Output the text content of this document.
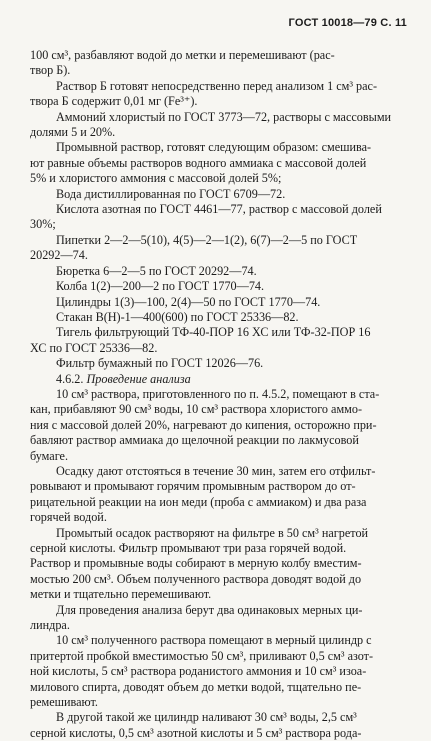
ГОСТ 10018—79 С. 11
100 см³, разбавляют водой до метки и перемешивают (рас-
твор Б).
Раствор Б готовят непосредственно перед анализом 1 см³ рас-
твора Б содержит 0,01 мг (Fe³⁺).
Аммоний хлористый по ГОСТ 3773—72, растворы с массовыми
долями 5 и 20%.
Промывной раствор, готовят следующим образом: смешива-
ют равные объемы растворов водного аммиака с массовой долей
5% и хлористого аммония с массовой долей 5%;
Вода дистиллированная по ГОСТ 6709—72.
Кислота азотная по ГОСТ 4461—77, раствор с массовой долей
30%;
Пипетки 2—2—5(10), 4(5)—2—1(2), 6(7)—2—5 по ГОСТ
20292—74.
Бюретка 6—2—5 по ГОСТ 20292—74.
Колба 1(2)—200—2 по ГОСТ 1770—74.
Цилиндры 1(3)—100, 2(4)—50 по ГОСТ 1770—74.
Стакан В(Н)-1—400(600) по ГОСТ 25336—82.
Тигель фильтрующий ТФ-40-ПОР 16 ХС или ТФ-32-ПОР 16
ХС по ГОСТ 25336—82.
Фильтр бумажный по ГОСТ 12026—76.
4.6.2. Проведение анализа
10 см³ раствора, приготовленного по п. 4.5.2, помещают в ста-
кан, прибавляют 90 см³ воды, 10 см³ раствора хлористого аммо-
ния с массовой долей 20%, нагревают до кипения, осторожно при-
бавляют раствор аммиака до щелочной реакции по лакмусовой
бумаге.
Осадку дают отстояться в течение 30 мин, затем его отфильт-
ровывают и промывают горячим промывным раствором до от-
рицательной реакции на ион меди (проба с аммиаком) и два раза
горячей водой.
Промытый осадок растворяют на фильтре в 50 см³ нагретой
серной кислоты. Фильтр промывают три раза горячей водой.
Раствор и промывные воды собирают в мерную колбу вместим-
мостью 200 см³. Объем полученного раствора доводят водой до
метки и тщательно перемешивают.
Для проведения анализа берут два одинаковых мерных ци-
линдра.
10 см³ полученного раствора помещают в мерный цилиндр с
притертой пробкой вместимостью 50 см³, приливают 0,5 см³ азот-
ной кислоты, 5 см³ раствора роданистого аммония и 10 см³ изоа-
милового спирта, доводят объем до метки водой, тщательно пе-
ремешивают.
В другой такой же цилиндр наливают 30 см³ воды, 2,5 см³
серной кислоты, 0,5 см³ азотной кислоты и 5 см³ раствора рода-
